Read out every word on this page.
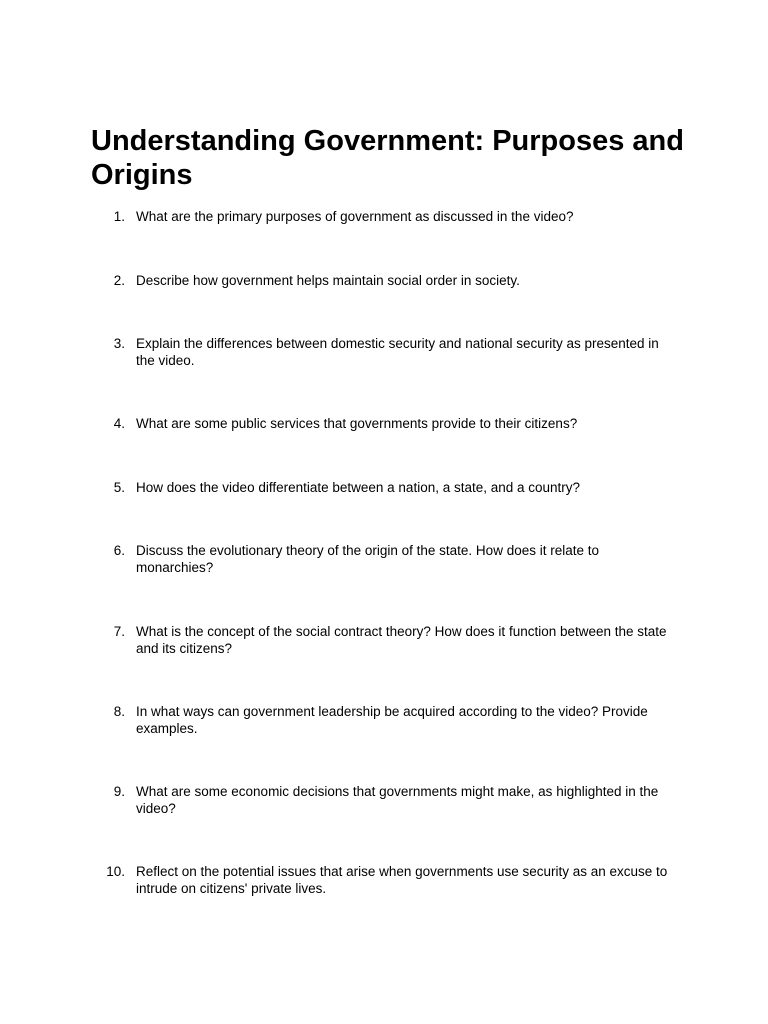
Understanding Government: Purposes and Origins
1. What are the primary purposes of government as discussed in the video?
2. Describe how government helps maintain social order in society.
3. Explain the differences between domestic security and national security as presented in the video.
4. What are some public services that governments provide to their citizens?
5. How does the video differentiate between a nation, a state, and a country?
6. Discuss the evolutionary theory of the origin of the state. How does it relate to monarchies?
7. What is the concept of the social contract theory? How does it function between the state and its citizens?
8. In what ways can government leadership be acquired according to the video? Provide examples.
9. What are some economic decisions that governments might make, as highlighted in the video?
10. Reflect on the potential issues that arise when governments use security as an excuse to intrude on citizens' private lives.
